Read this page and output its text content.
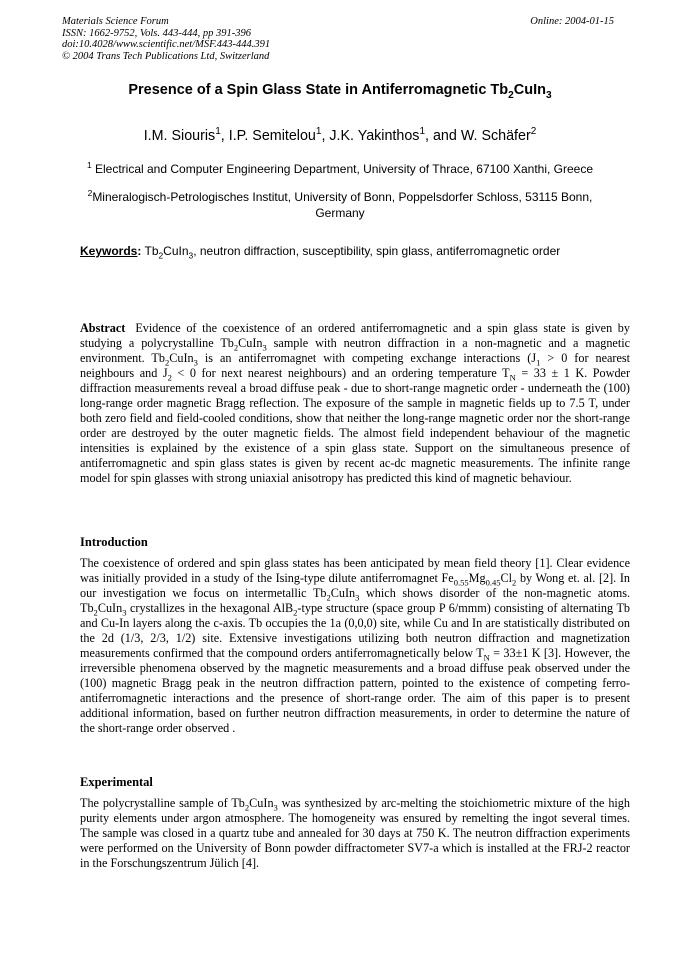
Materials Science Forum
ISSN: 1662-9752, Vols. 443-444, pp 391-396
doi:10.4028/www.scientific.net/MSF.443-444.391
© 2004 Trans Tech Publications Ltd, Switzerland
Online: 2004-01-15
Presence of a Spin Glass State in Antiferromagnetic $Tb_2CuIn_3$
I.M. Siouris$^1$, I.P. Semitelou$^1$, J.K. Yakinthos$^1$, and W. Schäfer$^2$
$^1$ Electrical and Computer Engineering Department, University of Thrace, 67100 Xanthi, Greece
$^2$Mineralogisch-Petrologisches Institut, University of Bonn, Poppelsdorfer Schloss, 53115 Bonn, Germany
Keywords: $Tb_2CuIn_3$, neutron diffraction, susceptibility, spin glass, antiferromagnetic order
Abstract Evidence of the coexistence of an ordered antiferromagnetic and a spin glass state is given by studying a polycrystalline $Tb_2CuIn_3$ sample with neutron diffraction in a non-magnetic and a magnetic environment. $Tb_2CuIn_3$ is an antiferromagnet with competing exchange interactions ($J_1 > 0$ for nearest neighbours and $J_2 < 0$ for next nearest neighbours) and an ordering temperature $T_N = 33 \pm 1$ K. Powder diffraction measurements reveal a broad diffuse peak - due to short-range magnetic order - underneath the (100) long-range order magnetic Bragg reflection. The exposure of the sample in magnetic fields up to 7.5 T, under both zero field and field-cooled conditions, show that neither the long-range magnetic order nor the short-range order are destroyed by the outer magnetic fields. The almost field independent behaviour of the magnetic intensities is explained by the existence of a spin glass state. Support on the simultaneous presence of antiferromagnetic and spin glass states is given by recent ac-dc magnetic measurements. The infinite range model for spin glasses with strong uniaxial anisotropy has predicted this kind of magnetic behaviour.
Introduction
The coexistence of ordered and spin glass states has been anticipated by mean field theory [1]. Clear evidence was initially provided in a study of the Ising-type dilute antiferromagnet $Fe_{0.55}Mg_{0.45}Cl_2$ by Wong et. al. [2]. In our investigation we focus on intermetallic $Tb_2CuIn_3$ which shows disorder of the non-magnetic atoms. $Tb_2CuIn_3$ crystallizes in the hexagonal AlB$_2$-type structure (space group P 6/mmm) consisting of alternating Tb and Cu-In layers along the c-axis. Tb occupies the 1a (0,0,0) site, while Cu and In are statistically distributed on the 2d (1/3, 2/3, 1/2) site. Extensive investigations utilizing both neutron diffraction and magnetization measurements confirmed that the compound orders antiferromagnetically below $T_N = 33\pm 1$ K [3]. However, the irreversible phenomena observed by the magnetic measurements and a broad diffuse peak observed under the (100) magnetic Bragg peak in the neutron diffraction pattern, pointed to the existence of competing ferro-antiferromagnetic interactions and the presence of short-range order. The aim of this paper is to present additional information, based on further neutron diffraction measurements, in order to determine the nature of the short-range order observed .
Experimental
The polycrystalline sample of $Tb_2CuIn_3$ was synthesized by arc-melting the stoichiometric mixture of the high purity elements under argon atmosphere. The homogeneity was ensured by remelting the ingot several times. The sample was closed in a quartz tube and annealed for 30 days at 750 K. The neutron diffraction experiments were performed on the University of Bonn powder diffractometer SV7-a which is installed at the FRJ-2 reactor in the Forschungszentrum Jülich [4].
